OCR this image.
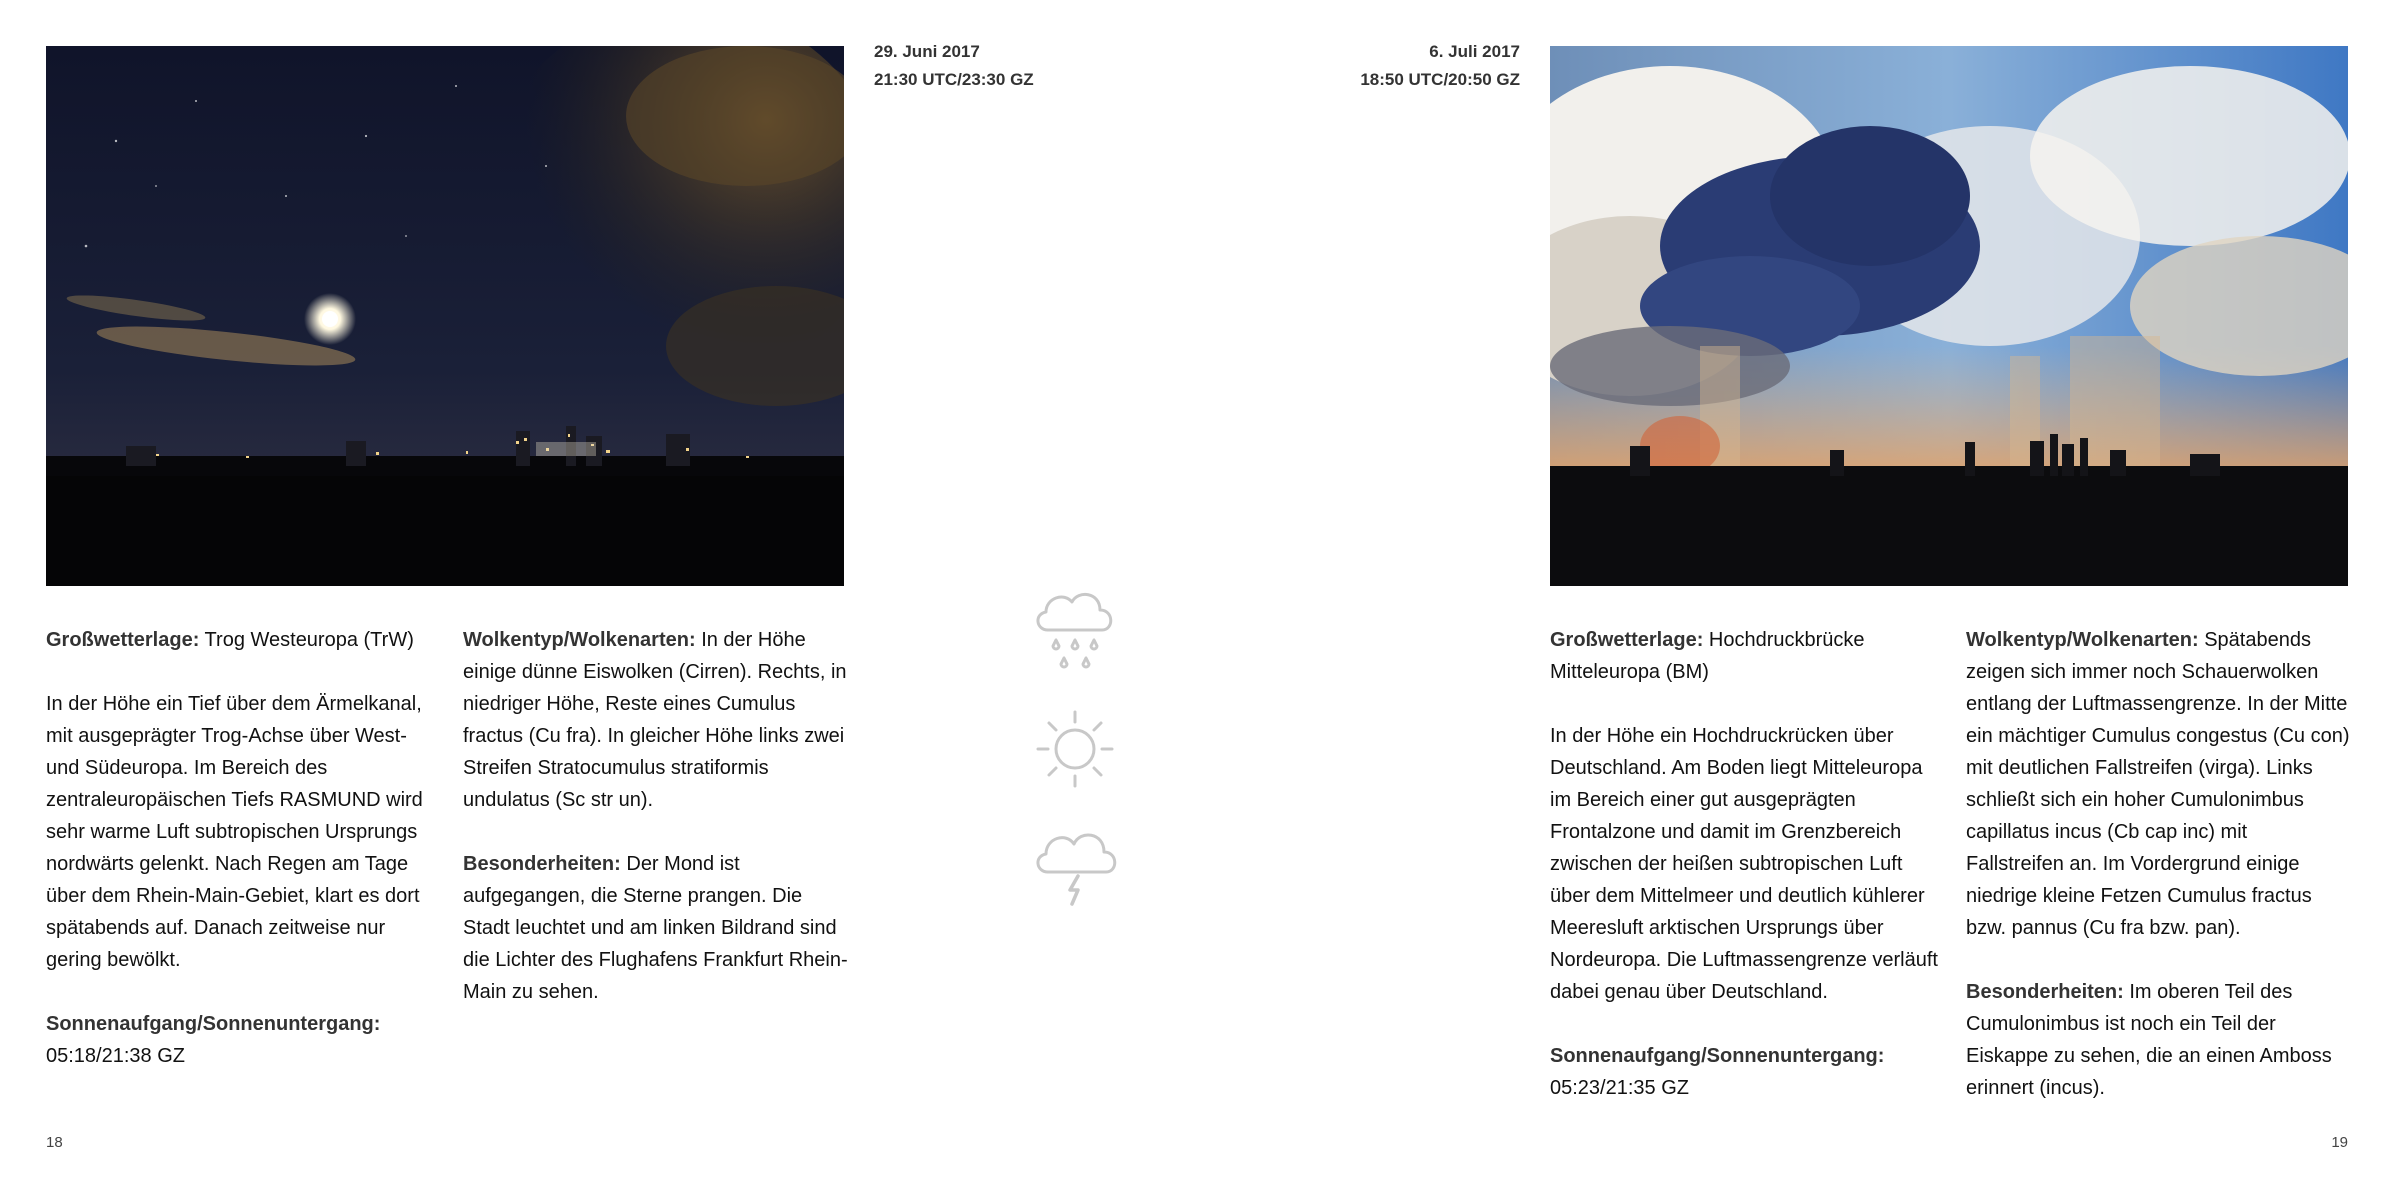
29. Juni 2017
21:30 UTC/23:30 GZ

Großwetterlage: Trog Westeuropa (TrW)

In der Höhe ein Tief über dem Ärmelkanal, mit ausgeprägter Trog-Achse über West- und Südeuropa. Im Bereich des zentraleuropäischen Tiefs RASMUND wird sehr warme Luft subtropischen Ursprungs nordwärts gelenkt. Nach Regen am Tage über dem Rhein-Main-Gebiet, klart es dort spätabends auf. Danach zeitweise nur gering bewölkt.

Sonnenaufgang/Sonnenuntergang:
05:18/21:38 GZ

Wolkentyp/Wolkenarten: In der Höhe einige dünne Eiswolken (Cirren). Rechts, in niedriger Höhe, Reste eines Cumulus fractus (Cu fra). In gleicher Höhe links zwei Streifen Stratocumulus stratiformis undulatus (Sc str un).

Besonderheiten: Der Mond ist aufgegangen, die Sterne prangen. Die Stadt leuchtet und am linken Bildrand sind die Lichter des Flughafens Frankfurt Rhein-Main zu sehen.

18
6. Juli 2017
18:50 UTC/20:50 GZ

Großwetterlage: Hochdruckbrücke Mitteleuropa (BM)

In der Höhe ein Hochdruckrücken über Deutschland. Am Boden liegt Mitteleuropa im Bereich einer gut ausgeprägten Frontalzone und damit im Grenzbereich zwischen der heißen subtropischen Luft über dem Mittelmeer und deutlich kühlerer Meeresluft arktischen Ursprungs über Nordeuropa. Die Luftmassengrenze verläuft dabei genau über Deutschland.

Sonnenaufgang/Sonnenuntergang:
05:23/21:35 GZ

Wolkentyp/Wolkenarten: Spätabends zeigen sich immer noch Schauerwolken entlang der Luftmassengrenze. In der Mitte ein mächtiger Cumulus congestus (Cu con) mit deutlichen Fallstreifen (virga). Links schließt sich ein hoher Cumulonimbus capillatus incus (Cb cap inc) mit Fallstreifen an. Im Vordergrund einige niedrige kleine Fetzen Cumulus fractus bzw. pannus (Cu fra bzw. pan).

Besonderheiten: Im oberen Teil des Cumulonimbus ist noch ein Teil der Eiskappe zu sehen, die an einen Amboss erinnert (incus).

19
